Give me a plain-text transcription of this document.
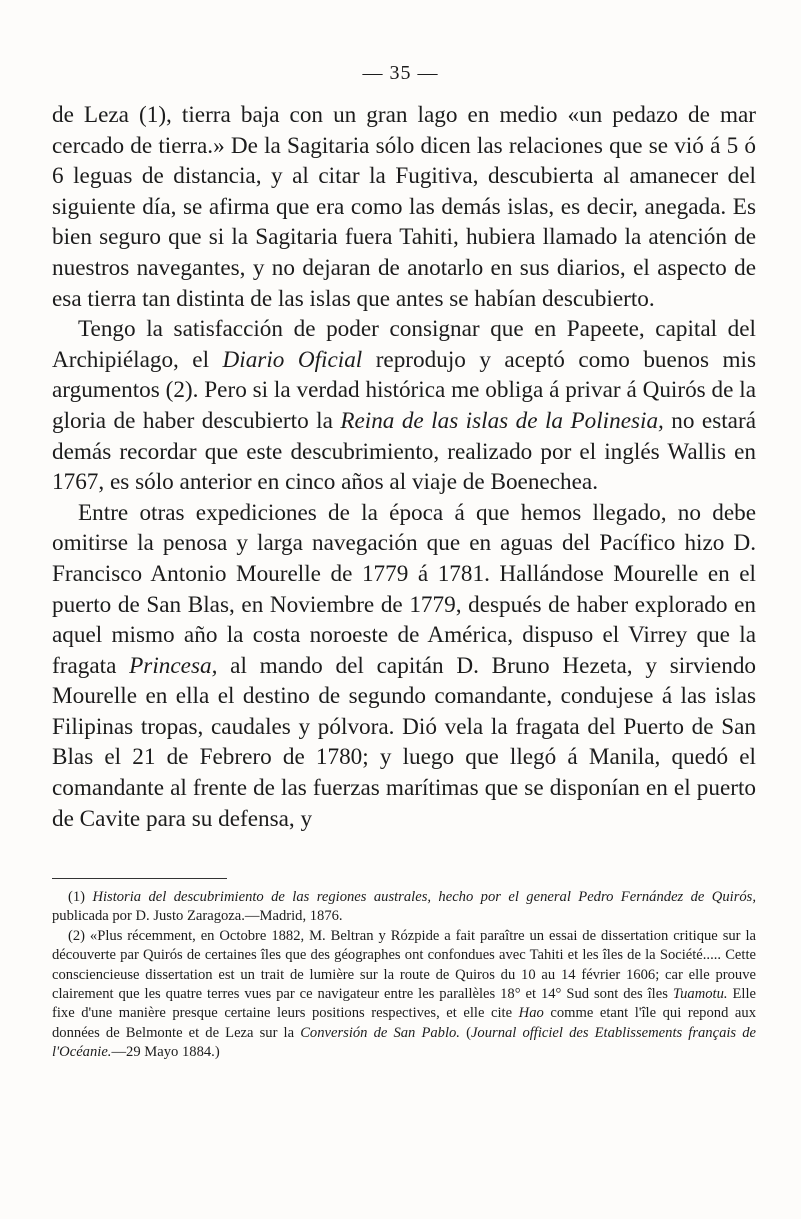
— 35 —

de Leza (1), tierra baja con un gran lago en medio «un pedazo de mar cercado de tierra.» De la Sagitaria sólo dicen las relaciones que se vió á 5 ó 6 leguas de distancia, y al citar la Fugitiva, descubierta al amanecer del siguiente día, se afirma que era como las demás islas, es decir, anegada. Es bien seguro que si la Sagitaria fuera Tahiti, hubiera llamado la atención de nuestros navegantes, y no dejaran de anotarlo en sus diarios, el aspecto de esa tierra tan distinta de las islas que antes se habían descubierto.

Tengo la satisfacción de poder consignar que en Papeete, capital del Archipiélago, el Diario Oficial reprodujo y aceptó como buenos mis argumentos (2). Pero si la verdad histórica me obliga á privar á Quirós de la gloria de haber descubierto la Reina de las islas de la Polinesia, no estará demás recordar que este descubrimiento, realizado por el inglés Wallis en 1767, es sólo anterior en cinco años al viaje de Boenechea.

Entre otras expediciones de la época á que hemos llegado, no debe omitirse la penosa y larga navegación que en aguas del Pacífico hizo D. Francisco Antonio Mourelle de 1779 á 1781. Hallándose Mourelle en el puerto de San Blas, en Noviembre de 1779, después de haber explorado en aquel mismo año la costa noroeste de América, dispuso el Virrey que la fragata Princesa, al mando del capitán D. Bruno Hezeta, y sirviendo Mourelle en ella el destino de segundo comandante, condujese á las islas Filipinas tropas, caudales y pólvora. Dió vela la fragata del Puerto de San Blas el 21 de Febrero de 1780; y luego que llegó á Manila, quedó el comandante al frente de las fuerzas marítimas que se disponían en el puerto de Cavite para su defensa, y

(1) Historia del descubrimiento de las regiones australes, hecho por el general Pedro Fernández de Quirós, publicada por D. Justo Zaragoza.—Madrid, 1876.

(2) «Plus récemment, en Octobre 1882, M. Beltran y Rózpide a fait paraître un essai de dissertation critique sur la découverte par Quirós de certaines îles que des géographes ont confondues avec Tahiti et les îles de la Société..... Cette consciencieuse dissertation est un trait de lumière sur la route de Quiros du 10 au 14 février 1606; car elle prouve clairement que les quatre terres vues par ce navigateur entre les parallèles 18° et 14° Sud sont des îles Tuamotu. Elle fixe d'une manière presque certaine leurs positions respectives, et elle cite Hao comme etant l'île qui repond aux données de Belmonte et de Leza sur la Conversión de San Pablo. (Journal officiel des Etablissements français de l'Océanie.—29 Mayo 1884.)
